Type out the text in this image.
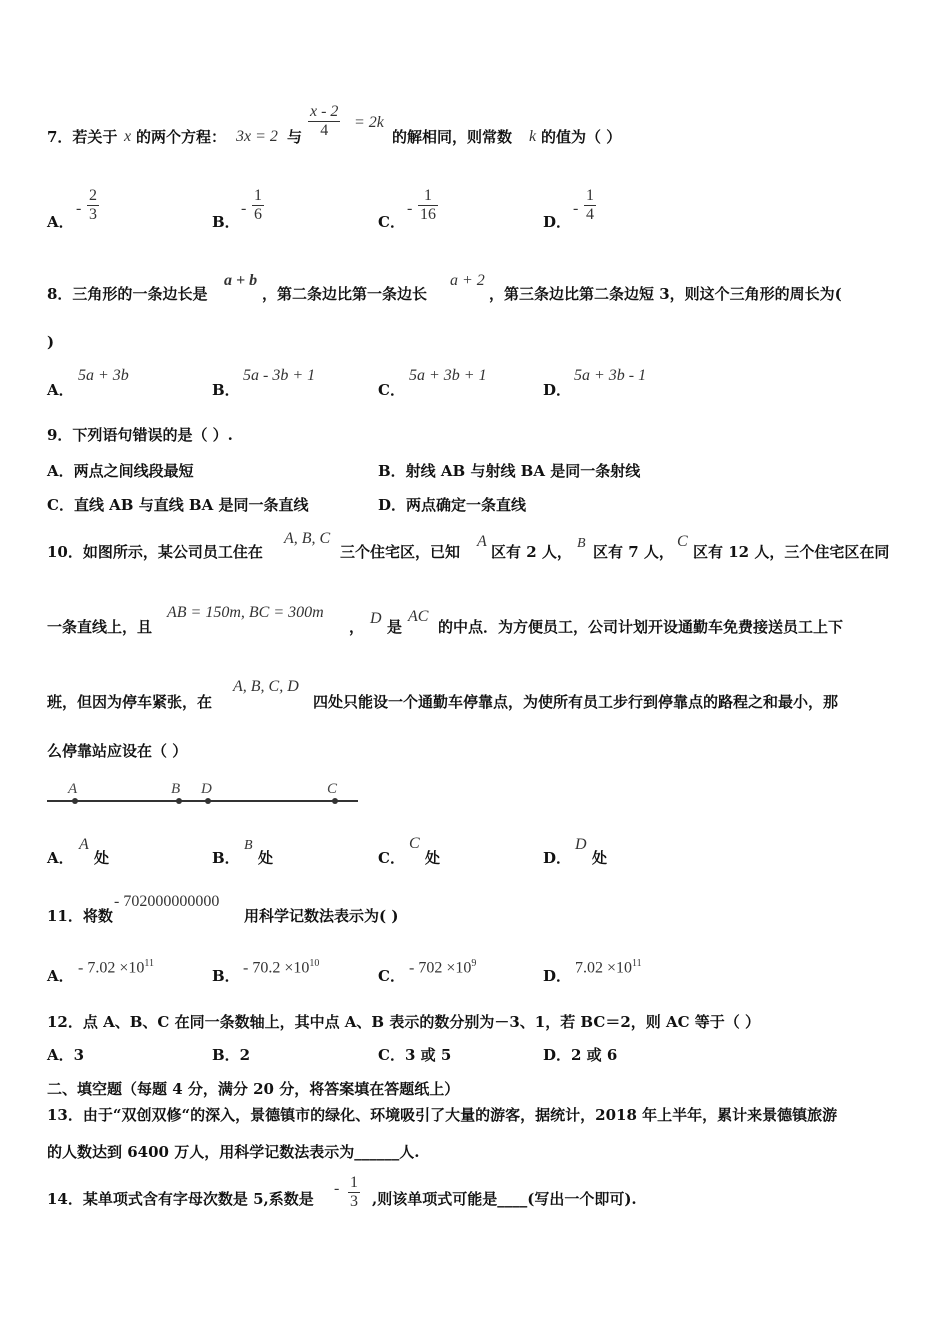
7．若关于 x 的两个方程： 3x = 2 与
x - 2
4 = 2k
的解相同，则常数 k 的值为（ ）
A．
-
2
3	B．
-
1
6	C．
-
1
16	D．
-
1
4
8．三角形的一条边长是
a + b
，第二条边比第一条边长
a + 2
，第三条边比第二条边短 3，则这个三角形的周长为(
)
A．
5a + 3b
B．
5a - 3b + 1
C．
5a + 3b + 1
D．
5a + 3b - 1
9．下列语句错误的是（ ）.
A．两点之间线段最短	B．射线 AB 与射线 BA 是同一条射线
C．直线 AB 与直线 BA 是同一条直线	D．两点确定一条直线
10．如图所示，某公司员工住在
A, B, C
三个住宅区，已知
A
区有 2 人， B 区有 7 人，
C
区有 12 人，三个住宅区在同
一条直线上，且
AB = 150m, BC = 300m
， D 是
AC
的中点．为方便员工，公司计划开设通勤车免费接送员工上下
班，但因为停车紧张，在
A, B, C, D
四处只能设一个通勤车停靠点，为使所有员工步行到停靠点的路程之和最小，那
么停靠站应设在（ ）
A	B D	C
A．
A
处	B．
B
处	C．
C
处	D．
D
处
11．将数
- 702000000000
用科学记数法表示为( )
A． - $7.02 \times 10^{11}$
B． - $70.2 \times 10^{10}$
C． - $702 \times 10^9$
D． $7.02 \times 10^{11}$
12．点 A、B、C 在同一条数轴上，其中点 A、B 表示的数分别为－3、1，若 BC＝2，则 AC 等于（ ）
A．3	B．2	C．3 或 5	D．2 或 6
二、填空题（每题 4 分，满分 20 分，将答案填在答题纸上）
13．由于“双创双修“的深入，景德镇市的绿化、环境吸引了大量的游客，据统计，2018 年上半年，累计来景德镇旅游
的人数达到 6400 万人，用科学记数法表示为______人.
14．某单项式含有字母次数是 5,系数是
- 1
3 ,则该单项式可能是____(写出一个即可).
